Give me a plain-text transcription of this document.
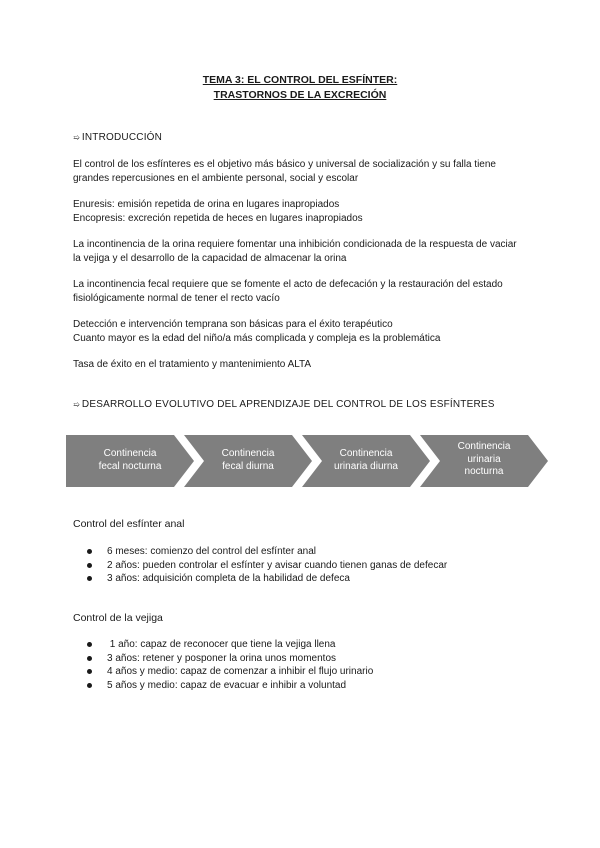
TEMA 3: EL CONTROL DEL ESFÍNTER:
TRASTORNOS DE LA EXCRECIÓN
➯ INTRODUCCIÓN

El control de los esfínteres es el objetivo más básico y universal de socialización y su falla tiene

grandes repercusiones en el ambiente personal, social y escolar

Enuresis: emisión repetida de orina en lugares inapropiados

Encopresis: excreción repetida de heces en lugares inapropiados

La incontinencia de la orina requiere fomentar una inhibición condicionada de la respuesta de vaciar

la vejiga y el desarrollo de la capacidad de almacenar la orina

La incontinencia fecal requiere que se fomente el acto de defecación y la restauración del estado

fisiológicamente normal de tener el recto vacío

Detección e intervención temprana son básicas para el éxito terapéutico

Cuanto mayor es la edad del niño/a más complicada y compleja es la problemática

Tasa de éxito en el tratamiento y mantenimiento ALTA

➯ DESARROLLO EVOLUTIVO DEL APRENDIZAJE DEL CONTROL DE LOS ESFÍNTERES
Continencia
fecal nocturna
Continencia
fecal diurna
Continencia
urinaria diurna
Continencia
urinaria
nocturna
Control del esfínter anal
6 meses: comienzo del control del esfínter anal
2 años: pueden controlar el esfínter y avisar cuando tienen ganas de defecar
3 años: adquisición completa de la habilidad de defeca
Control de la vejiga
1 año: capaz de reconocer que tiene la vejiga llena
3 años: retener y posponer la orina unos momentos
4 años y medio: capaz de comenzar a inhibir el flujo urinario
5 años y medio: capaz de evacuar e inhibir a voluntad
